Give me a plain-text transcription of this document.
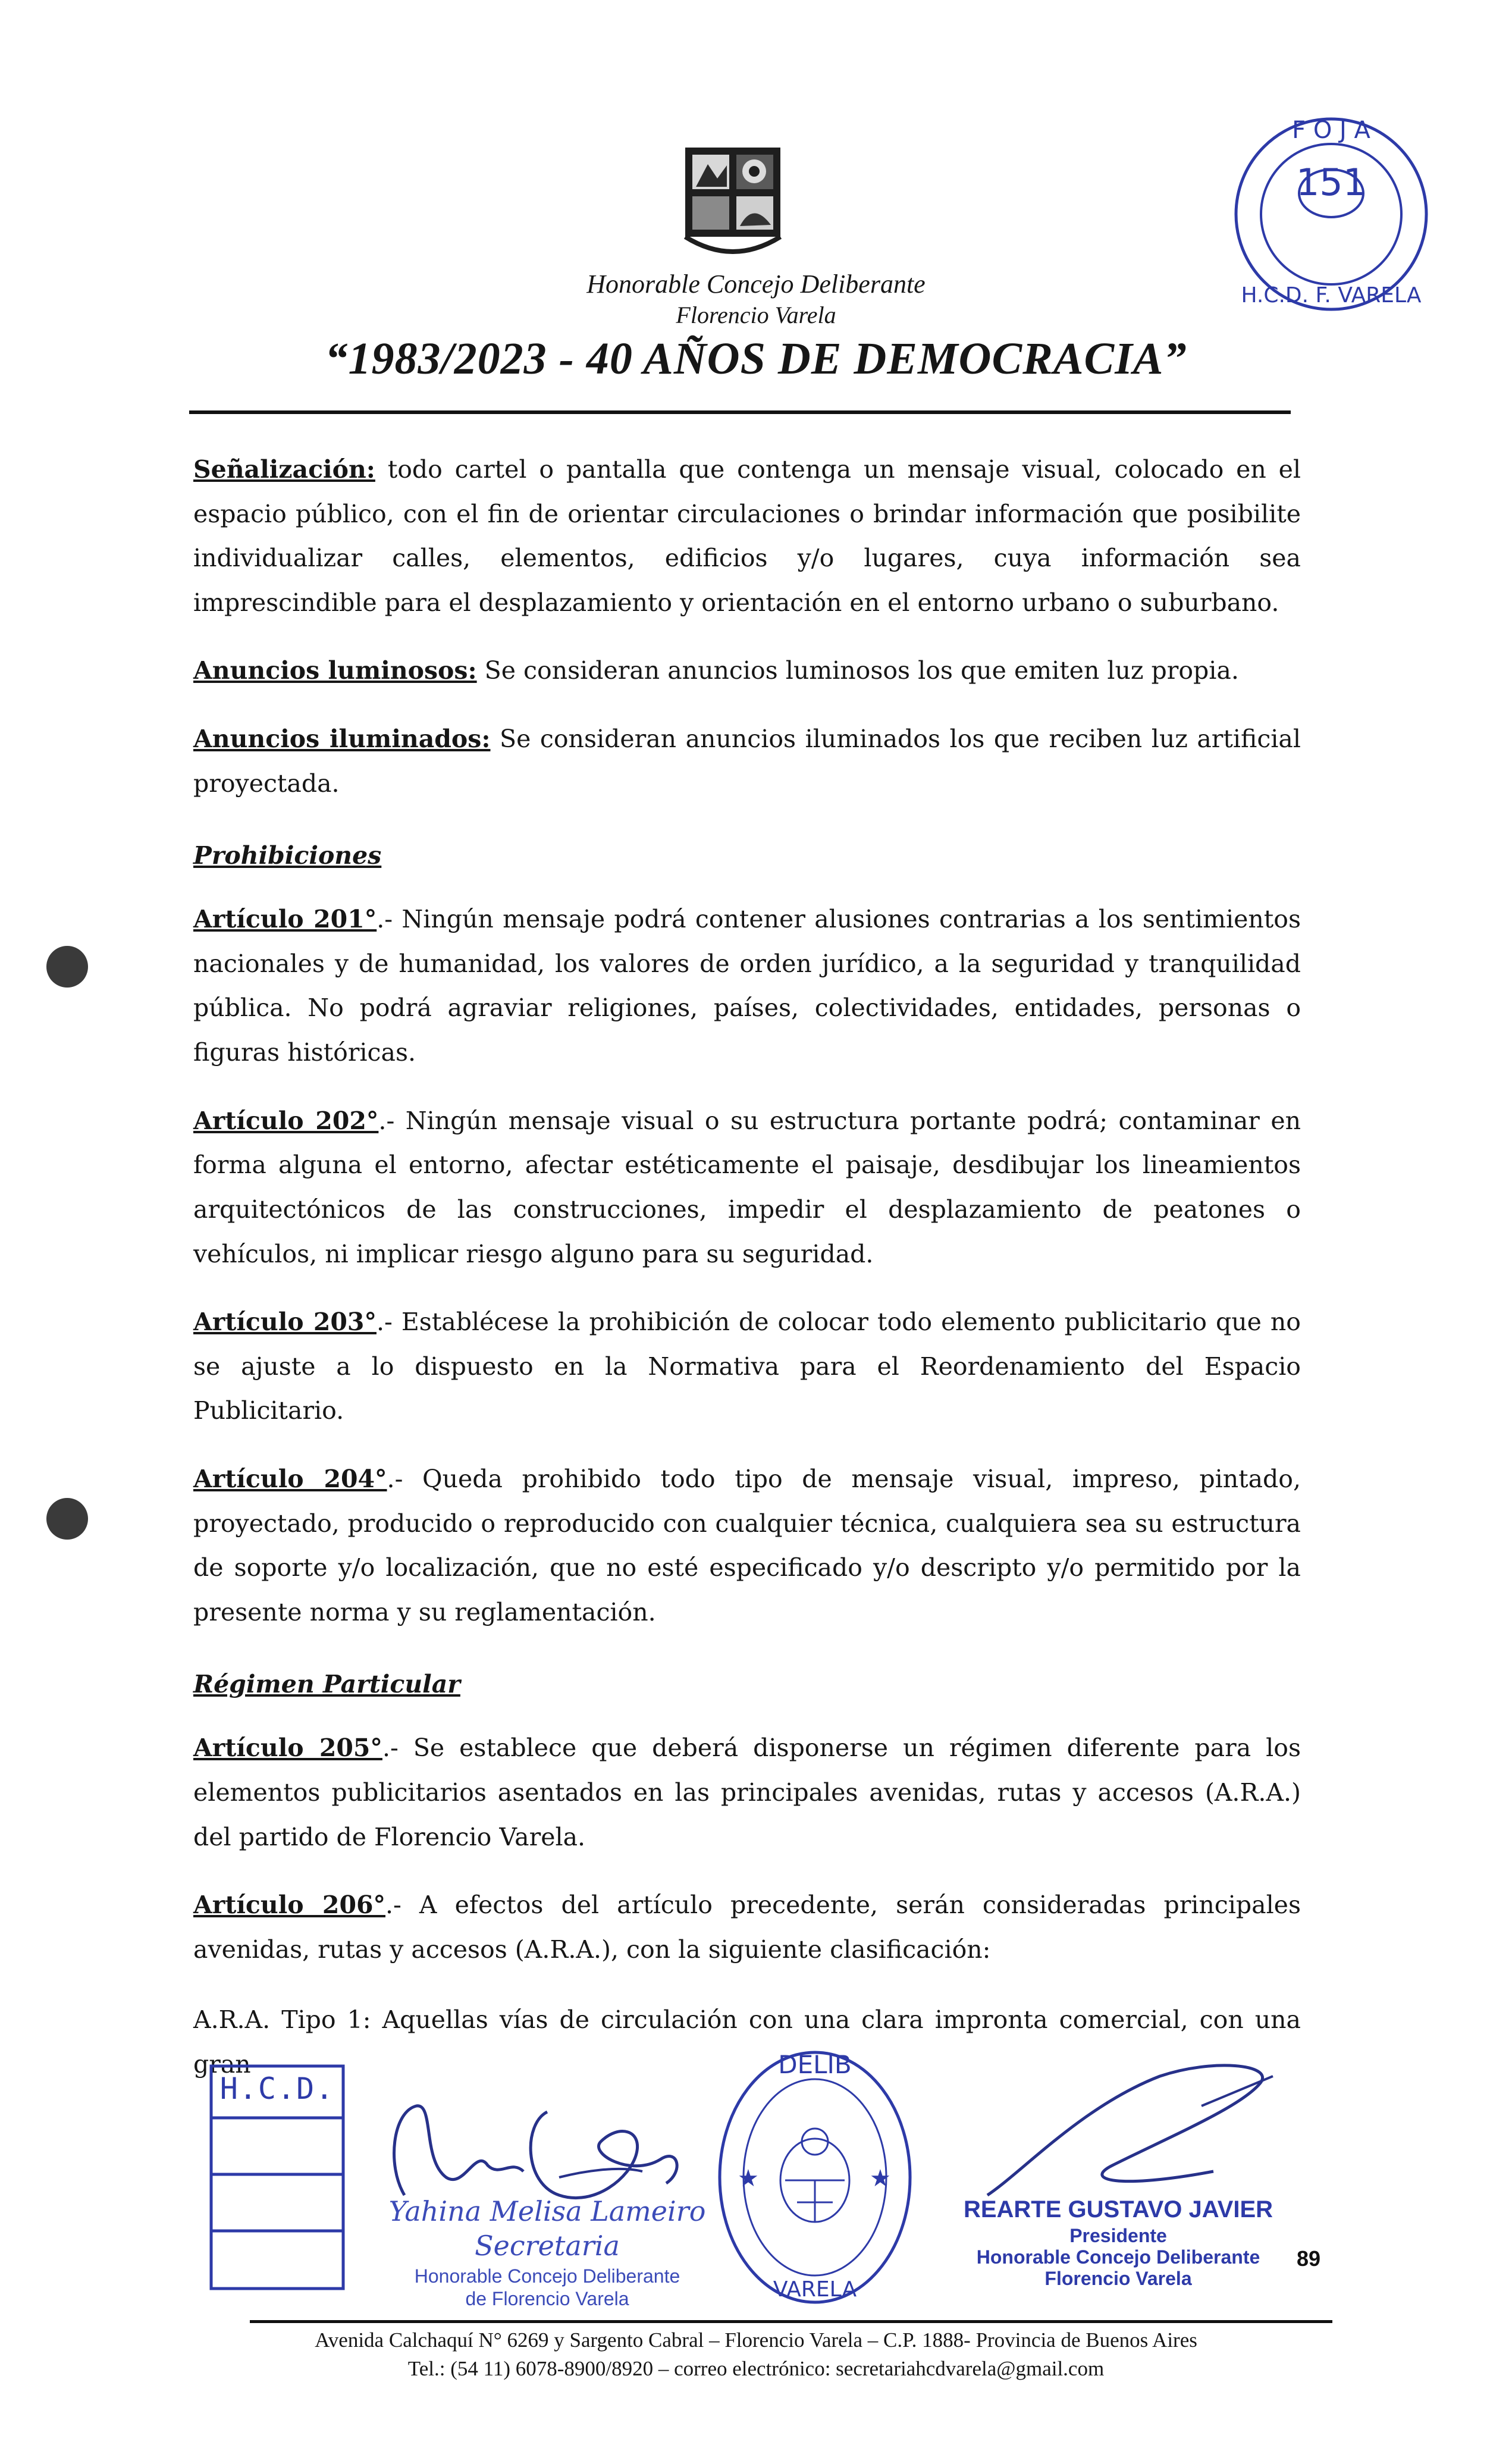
Honorable Concejo Deliberante
Florencio Varela
“1983/2023 - 40 AÑOS DE DEMOCRACIA”
F O J A
H.C.D. F. VARELA
151

Señalización: todo cartel o pantalla que contenga un mensaje visual, colocado en el espacio público, con el fin de orientar circulaciones o brindar información que posibilite individualizar calles, elementos, edificios y/o lugares, cuya información sea imprescindible para el desplazamiento y orientación en el entorno urbano o suburbano.

Anuncios luminosos: Se consideran anuncios luminosos los que emiten luz propia.

Anuncios iluminados: Se consideran anuncios iluminados los que reciben luz artificial proyectada.

Prohibiciones

Artículo 201°.- Ningún mensaje podrá contener alusiones contrarias a los sentimientos nacionales y de humanidad, los valores de orden jurídico, a la seguridad y tranquilidad pública. No podrá agraviar religiones, países, colectividades, entidades, personas o figuras históricas.

Artículo 202°.- Ningún mensaje visual o su estructura portante podrá; contaminar en forma alguna el entorno, afectar estéticamente el paisaje, desdibujar los lineamientos arquitectónicos de las construcciones, impedir el desplazamiento de peatones o vehículos, ni implicar riesgo alguno para su seguridad.

Artículo 203°.- Establécese la prohibición de colocar todo elemento publicitario que no se ajuste a lo dispuesto en la Normativa para el Reordenamiento del Espacio Publicitario.

Artículo 204°.- Queda prohibido todo tipo de mensaje visual, impreso, pintado, proyectado, producido o reproducido con cualquier técnica, cualquiera sea su estructura de soporte y/o localización, que no esté especificado y/o descripto y/o permitido por la presente norma y su reglamentación.

Régimen Particular

Artículo 205°.- Se establece que deberá disponerse un régimen diferente para los elementos publicitarios asentados en las principales avenidas, rutas y accesos (A.R.A.) del partido de Florencio Varela.

Artículo 206°.- A efectos del artículo precedente, serán consideradas principales avenidas, rutas y accesos (A.R.A.), con la siguiente clasificación:

A.R.A. Tipo 1: Aquellas vías de circulación con una clara impronta comercial, con una gran

H.C.D.
Yahina Melisa Lameiro
Secretaria
Honorable Concejo Deliberante
de Florencio Varela
DELIB
★	★
VARELA
REARTE GUSTAVO JAVIER
Presidente
Honorable Concejo Deliberante
Florencio Varela
89
Avenida Calchaquí N° 6269 y Sargento Cabral – Florencio Varela – C.P. 1888- Provincia de Buenos Aires
Tel.: (54 11) 6078-8900/8920 – correo electrónico: secretariahcdvarela@gmail.com
